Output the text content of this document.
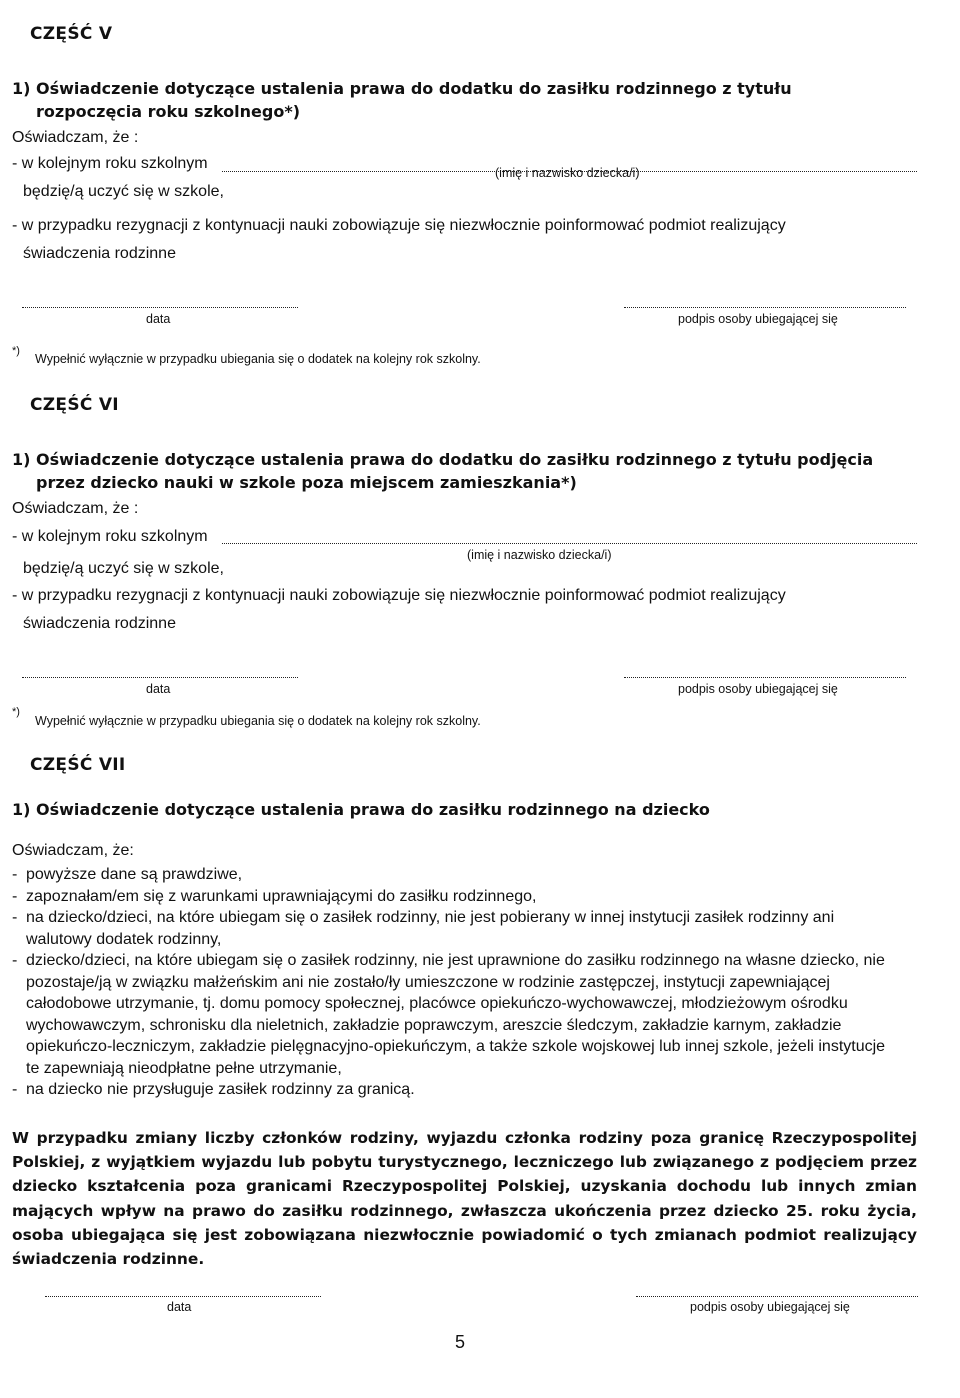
CZĘŚĆ V
1) Oświadczenie dotyczące ustalenia prawa do dodatku do zasiłku rodzinnego z tytułu
rozpoczęcia roku szkolnego*)
Oświadczam, że :
- w kolejnym roku szkolnym
(imię i nazwisko dziecka/i)
będzię/ą uczyć się w szkole,
- w przypadku rezygnacji z kontynuacji nauki zobowiązuje się niezwłocznie poinformować podmiot realizujący
świadczenia rodzinne
data	podpis osoby ubiegającej się
*)
Wypełnić wyłącznie w przypadku ubiegania się o dodatek na kolejny rok szkolny.
CZĘŚĆ VI
1) Oświadczenie dotyczące ustalenia prawa do dodatku do zasiłku rodzinnego z tytułu podjęcia
przez dziecko nauki w szkole poza miejscem zamieszkania*)
Oświadczam, że :
- w kolejnym roku szkolnym
(imię i nazwisko dziecka/i)
będzię/ą uczyć się w szkole,
- w przypadku rezygnacji z kontynuacji nauki zobowiązuje się niezwłocznie poinformować podmiot realizujący
świadczenia rodzinne
data	podpis osoby ubiegającej się
*)
Wypełnić wyłącznie w przypadku ubiegania się o dodatek na kolejny rok szkolny.
CZĘŚĆ VII
1) Oświadczenie dotyczące ustalenia prawa do zasiłku rodzinnego na dziecko
Oświadczam, że:
- powyższe dane są prawdziwe,
- zapoznałam/em się z warunkami uprawniającymi do zasiłku rodzinnego,
- na dziecko/dzieci, na które ubiegam się o zasiłek rodzinny, nie jest pobierany w innej instytucji zasiłek rodzinny ani walutowy dodatek rodzinny,
- dziecko/dzieci, na które ubiegam się o zasiłek rodzinny, nie jest uprawnione do zasiłku rodzinnego na własne dziecko, nie pozostaje/ją w związku małżeńskim ani nie zostało/ły umieszczone w rodzinie zastępczej, instytucji zapewniającej całodobowe utrzymanie, tj. domu pomocy społecznej, placówce opiekuńczo-wychowawczej, młodzieżowym ośrodku wychowawczym, schronisku dla nieletnich, zakładzie poprawczym, areszcie śledczym, zakładzie karnym, zakładzie opiekuńczo-leczniczym, zakładzie pielęgnacyjno-opiekuńczym, a także szkole wojskowej lub innej szkole, jeżeli instytucje te zapewniają nieodpłatne pełne utrzymanie,
- na dziecko nie przysługuje zasiłek rodzinny za granicą.
W przypadku zmiany liczby członków rodziny, wyjazdu członka rodziny poza granicę Rzeczypospolitej Polskiej, z wyjątkiem wyjazdu lub pobytu turystycznego, leczniczego lub związanego z podjęciem przez dziecko kształcenia poza granicami Rzeczypospolitej Polskiej, uzyskania dochodu lub innych zmian mających wpływ na prawo do zasiłku rodzinnego, zwłaszcza ukończenia przez dziecko 25. roku życia, osoba ubiegająca się jest zobowiązana niezwłocznie powiadomić o tych zmianach podmiot realizujący świadczenia rodzinne.
data	podpis osoby ubiegającej się
5
